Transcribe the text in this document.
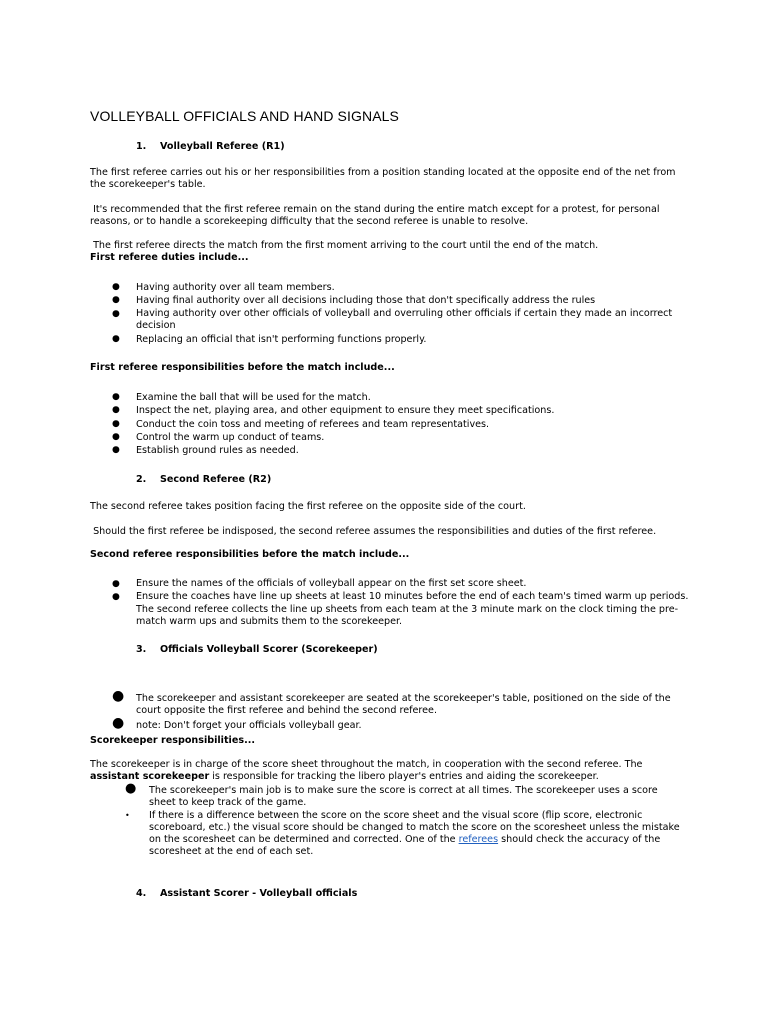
VOLLEYBALL OFFICIALS AND HAND SIGNALS
1. Volleyball Referee (R1)
The first referee carries out his or her responsibilities from a position standing located at the opposite end of the net from the scorekeeper's table.
It's recommended that the first referee remain on the stand during the entire match except for a protest, for personal reasons, or to handle a scorekeeping difficulty that the second referee is unable to resolve.
The first referee directs the match from the first moment arriving to the court until the end of the match.
First referee duties include...
● Having authority over all team members.
● Having final authority over all decisions including those that don't specifically address the rules
● Having authority over other officials of volleyball and overruling other officials if certain they made an incorrect decision
● Replacing an official that isn't performing functions properly.
First referee responsibilities before the match include...
● Examine the ball that will be used for the match.
● Inspect the net, playing area, and other equipment to ensure they meet specifications.
● Conduct the coin toss and meeting of referees and team representatives.
● Control the warm up conduct of teams.
● Establish ground rules as needed.
2. Second Referee (R2)
The second referee takes position facing the first referee on the opposite side of the court.
Should the first referee be indisposed, the second referee assumes the responsibilities and duties of the first referee.
Second referee responsibilities before the match include...
● Ensure the names of the officials of volleyball appear on the first set score sheet.
● Ensure the coaches have line up sheets at least 10 minutes before the end of each team's timed warm up periods. The second referee collects the line up sheets from each team at the 3 minute mark on the clock timing the pre-match warm ups and submits them to the scorekeeper.
3. Officials Volleyball Scorer (Scorekeeper)
● The scorekeeper and assistant scorekeeper are seated at the scorekeeper's table, positioned on the side of the court opposite the first referee and behind the second referee.
● note: Don't forget your officials volleyball gear.
Scorekeeper responsibilities...
The scorekeeper is in charge of the score sheet throughout the match, in cooperation with the second referee. The assistant scorekeeper is responsible for tracking the libero player's entries and aiding the scorekeeper.
● The scorekeeper's main job is to make sure the score is correct at all times. The scorekeeper uses a score sheet to keep track of the game.
• If there is a difference between the score on the score sheet and the visual score (flip score, electronic scoreboard, etc.) the visual score should be changed to match the score on the scoresheet unless the mistake on the scoresheet can be determined and corrected. One of the referees should check the accuracy of the scoresheet at the end of each set.
4. Assistant Scorer - Volleyball officials
